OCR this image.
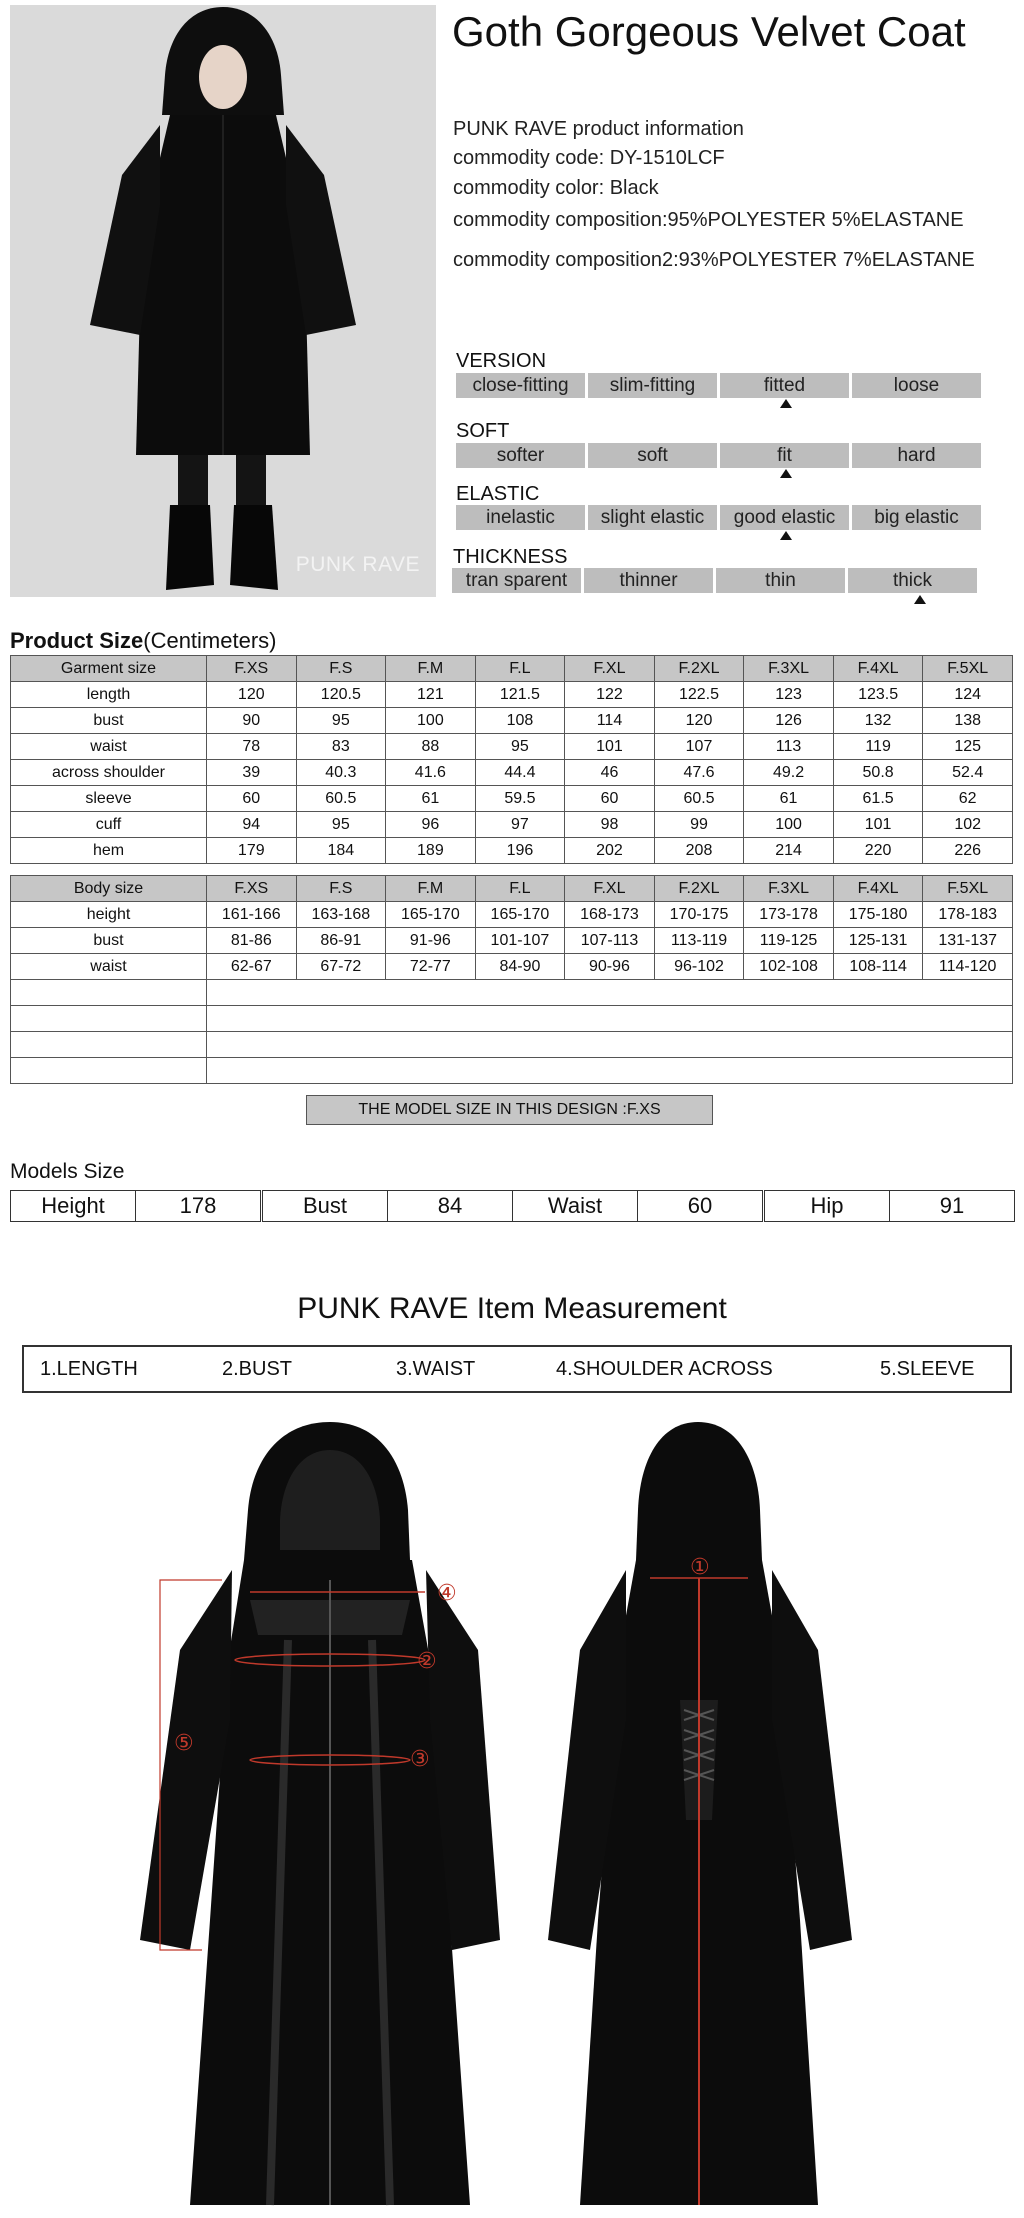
PUNK RAVE
Goth Gorgeous Velvet Coat
PUNK RAVE product information
commodity code: DY-1510LCF
commodity color: Black
commodity composition:95%POLYESTER 5%ELASTANE
commodity composition2:93%POLYESTER 7%ELASTANE
VERSION
close-fitting	slim-fitting	fitted	loose
SOFT
softer	soft	fit	hard
ELASTIC
inelastic	slight elastic	good elastic	big elastic
THICKNESS
tran sparent	thinner	thin	thick
Product Size(Centimeters)
Garment size	F.XS	F.S	F.M	F.L	F.XL	F.2XL	F.3XL	F.4XL	F.5XL
length	120	120.5	121	121.5	122	122.5	123	123.5	124
bust	90	95	100	108	114	120	126	132	138
waist	78	83	88	95	101	107	113	119	125
across shoulder	39	40.3	41.6	44.4	46	47.6	49.2	50.8	52.4
sleeve	60	60.5	61	59.5	60	60.5	61	61.5	62
cuff	94	95	96	97	98	99	100	101	102
hem	179	184	189	196	202	208	214	220	226
Body size	F.XS	F.S	F.M	F.L	F.XL	F.2XL	F.3XL	F.4XL	F.5XL
height	161-166	163-168	165-170	165-170	168-173	170-175	173-178	175-180	178-183
bust	81-86	86-91	91-96	101-107	107-113	113-119	119-125	125-131	131-137
waist	62-67	67-72	72-77	84-90	90-96	96-102	102-108	108-114	114-120

THE MODEL SIZE IN THIS DESIGN :F.XS
Models Size
Height	178	Bust	84	Waist	60	Hip	91
PUNK RAVE Item Measurement
1.LENGTH	2.BUST	3.WAIST	4.SHOULDER ACROSS	5.SLEEVE
④
②
③
⑤
①
